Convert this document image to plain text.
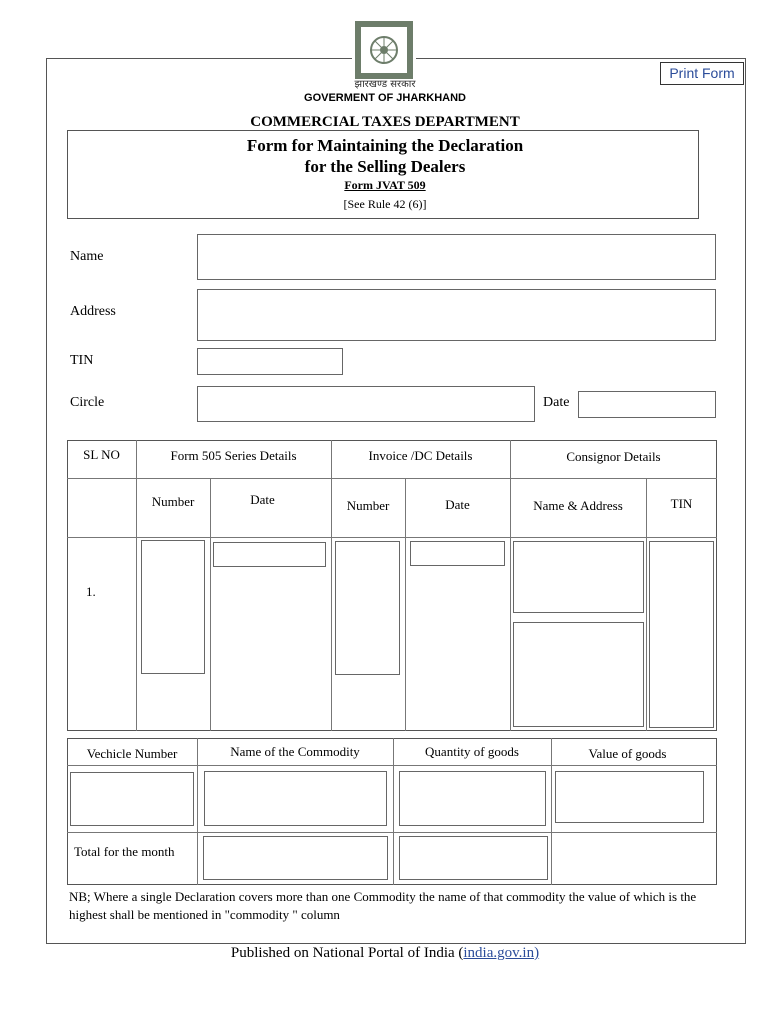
झारखण्ड सरकार
Print Form
GOVERMENT OF JHARKHAND
COMMERCIAL TAXES DEPARTMENT
Form for Maintaining the Declaration
for the Selling Dealers
Form JVAT 509
[See Rule 42 (6)]
Name
Address
TIN
Circle	Date
SL NO	Form 505 Series Details	Invoice /DC Details	Consignor Details
Number	Date	Number	Date	Name & Address	TIN
1.
Vechicle Number	Name of the Commodity	Quantity of goods	Value of goods
Total for the month
NB; Where a single Declaration covers more than one Commodity the name of that commodity the value of which is the highest shall be mentioned in "commodity " column
Published on National Portal of India (india.gov.in)
